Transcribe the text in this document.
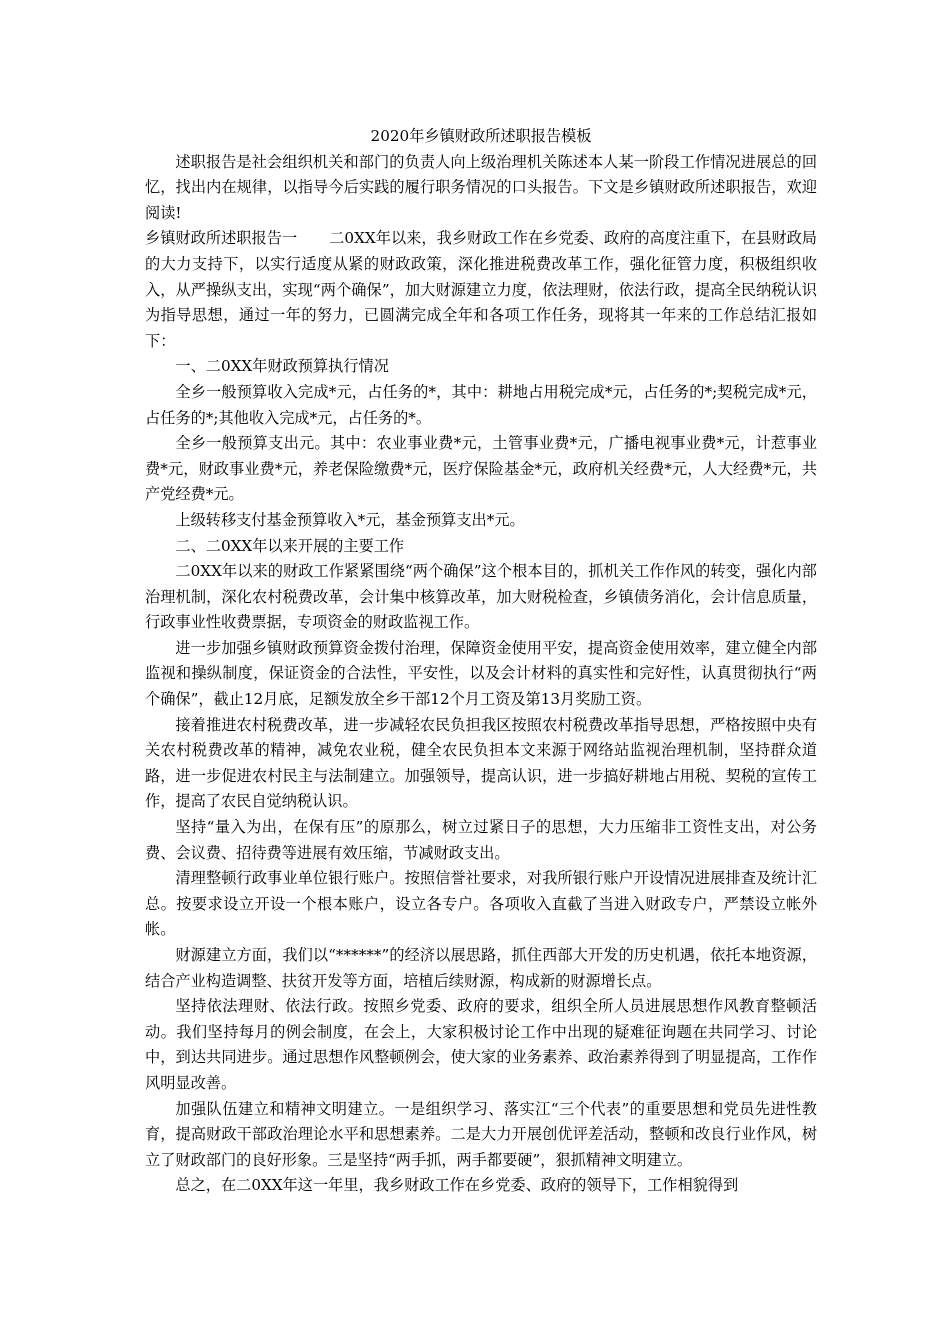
2020年乡镇财政所述职报告模板

述职报告是社会组织机关和部门的负责人向上级治理机关陈述本人某一阶段工作情况进展总的回忆，找出内在规律，以指导今后实践的履行职务情况的口头报告。下文是乡镇财政所述职报告，欢迎阅读!

乡镇财政所述职报告一 二0XX年以来，我乡财政工作在乡党委、政府的高度注重下，在县财政局的大力支持下，以实行适度从紧的财政政策，深化推进税费改革工作，强化征管力度，积极组织收入，从严操纵支出，实现“两个确保”，加大财源建立力度，依法理财，依法行政，提高全民纳税认识为指导思想，通过一年的努力，已圆满完成全年和各项工作任务，现将其一年来的工作总结汇报如下：

一、二0XX年财政预算执行情况

全乡一般预算收入完成*元，占任务的*，其中：耕地占用税完成*元，占任务的*;契税完成*元，占任务的*;其他收入完成*元，占任务的*。

全乡一般预算支出元。其中：农业事业费*元，土管事业费*元，广播电视事业费*元，计惹事业费*元，财政事业费*元，养老保险缴费*元，医疗保险基金*元，政府机关经费*元，人大经费*元，共产党经费*元。

上级转移支付基金预算收入*元，基金预算支出*元。

二、二0XX年以来开展的主要工作

二0XX年以来的财政工作紧紧围绕“两个确保”这个根本目的，抓机关工作作风的转变，强化内部治理机制，深化农村税费改革，会计集中核算改革，加大财税检查，乡镇债务消化，会计信息质量，行政事业性收费票据，专项资金的财政监视工作。

进一步加强乡镇财政预算资金拨付治理，保障资金使用平安，提高资金使用效率，建立健全内部监视和操纵制度，保证资金的合法性，平安性，以及会计材料的真实性和完好性，认真贯彻执行“两个确保”，截止12月底，足额发放全乡干部12个月工资及第13月奖励工资。

接着推进农村税费改革，进一步减轻农民负担我区按照农村税费改革指导思想，严格按照中央有关农村税费改革的精神，减免农业税，健全农民负担本文来源于网络站监视治理机制，坚持群众道路，进一步促进农村民主与法制建立。加强领导，提高认识，进一步搞好耕地占用税、契税的宣传工作，提高了农民自觉纳税认识。

坚持“量入为出，在保有压”的原那么，树立过紧日子的思想，大力压缩非工资性支出，对公务费、会议费、招待费等进展有效压缩，节减财政支出。

清理整顿行政事业单位银行账户。按照信誉社要求，对我所银行账户开设情况进展排查及统计汇总。按要求设立开设一个根本账户，设立各专户。各项收入直截了当进入财政专户，严禁设立帐外帐。

财源建立方面，我们以“******”的经济以展思路，抓住西部大开发的历史机遇，依托本地资源，结合产业构造调整、扶贫开发等方面，培植后续财源，构成新的财源增长点。

坚持依法理财、依法行政。按照乡党委、政府的要求，组织全所人员进展思想作风教育整顿活动。我们坚持每月的例会制度，在会上，大家积极讨论工作中出现的疑难征询题在共同学习、讨论中，到达共同进步。通过思想作风整顿例会，使大家的业务素养、政治素养得到了明显提高，工作作风明显改善。

加强队伍建立和精神文明建立。一是组织学习、落实江“三个代表”的重要思想和党员先进性教育，提高财政干部政治理论水平和思想素养。二是大力开展创优评差活动，整顿和改良行业作风，树立了财政部门的良好形象。三是坚持“两手抓，两手都要硬”，狠抓精神文明建立。

总之，在二0XX年这一年里，我乡财政工作在乡党委、政府的领导下，工作相貌得到
